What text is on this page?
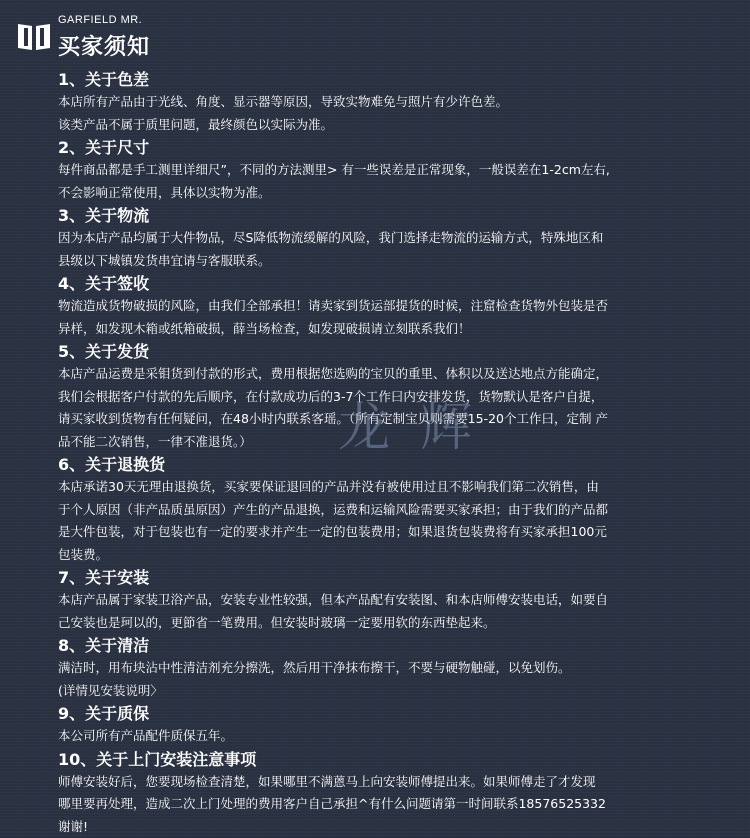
GARFIELD MR.
买家须知
1、关于色差
本店所有产品由于光线、角度、显示器等原因，导致实物难免与照片有少许色差。
该类产品不属于质里问题，最终颜色以实际为准。
2、关于尺寸
每件商品都是手工测里详细尺”，不同的方法测里> 有一些误差是正常现象，一般误差在1-2cm左右,
不会影响正常使用，具体以实物为准。
3、关于物流
因为本店产品均属于大件物品，尽S降低物流缓解的风险，我门选择走物流的运输方式，特殊地区和
县级以下城镇发货串宜请与客服联系。
4、关于签收
物流造成货物破损的风险，由我们全部承担！请卖家到货运部提货的时候，注窟检查货物外包装是否
异样，如发现木箱或纸箱破损，薛当场检查，如发现破损请立刻联系我们！
5、关于发货
本店产品运费是采钼货到付款的形式，费用根据您选购的宝贝的重里、体积以及送达地点方能确定，
我们会根据客户付款的先后顺序，在付款成功后的3-7个工作曰内安排发货，货物默认是客户自提，
请买家收到货物有任何疑问，在48小时内联系客瑶。（所有定制宝贝则需要15-20个工作曰，定制 产
品不能二次销售，一律不准退货。）
6、关于退换货
本店承诺30天无理由退换货，买家要保证退回的产品并没有被使用过且不影响我们第二次销售，由
于个人原因（非产品质虽原因）产生的产品退换，运费和运输风险需要买家承担；由于我们的产品都
是大件包装，对于包装也有一定的要求并产生一定的包装费用；如果退货包装费将有买家承担100元
包装费。
7、关于安装
本店产品属于家装卫浴产品，安装专业性较强，但本产品配有安装图、和本店师傅安装电话，如要自
己安装也是珂以的，更節省一笔费用。但安装时玻璃一定要用软的东西垫起来。
8、关于清洁
满洁时，用布块沾中性清洁剂充分擦洗，然后用干净抹布擦干，不要与硬物触碰，以免划伤。
(详情见安装说明〉
9、关于质保
本公司所有产品配件质保五年。
10、关于上门安装注意事项
师傅安装好后，您要现场检查清楚，如果哪里不满蒽马上向安装师傅提出来。如果师傅走了才发现
哪里要再处理，造成二次上门处理的费用客户自己承担^有什么问题请第一时间联系18576525332
谢谢!
龙 辉
